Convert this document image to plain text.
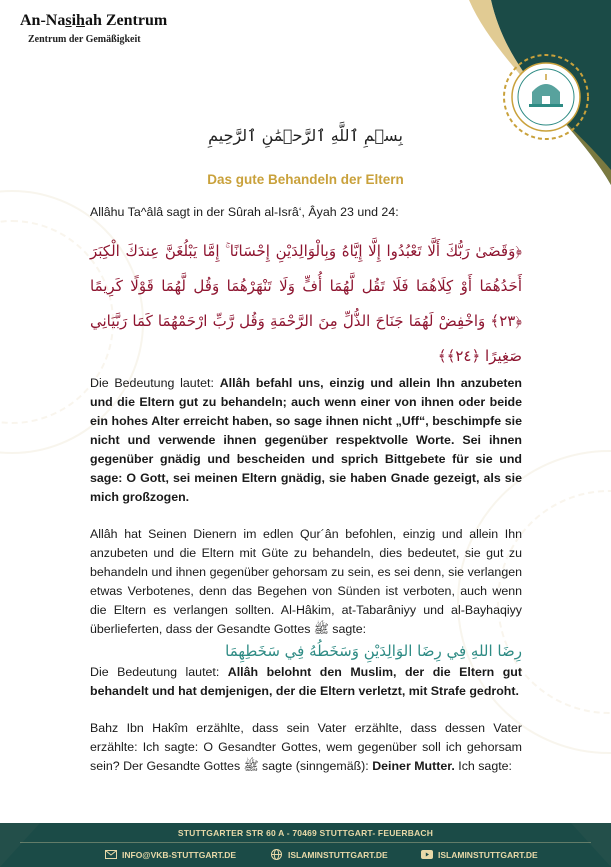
An-Nasihah Zentrum
Zentrum der Gemäßigkeit
بِسۡمِ ٱللَّهِ ٱلرَّحۡمَٰنِ ٱلرَّحِيمِ
Das gute Behandeln der Eltern

Allâhu Ta^âlâ sagt in der Sûrah al-Isrâ‘, Âyah 23 und 24:

﴿وَقَضَىٰ رَبُّكَ أَلَّا تَعْبُدُوا إِلَّا إِيَّاهُ وَبِالْوَالِدَيْنِ إِحْسَانًا ۚ إِمَّا يَبْلُغَنَّ عِندَكَ الْكِبَرَ أَحَدُهُمَا أَوْ كِلَاهُمَا فَلَا تَقُل لَّهُمَا أُفٍّ وَلَا تَنْهَرْهُمَا وَقُل لَّهُمَا قَوْلًا كَرِيمًا ﴿٢٣﴾ وَاخْفِضْ لَهُمَا جَنَاحَ الذُّلِّ مِنَ الرَّحْمَةِ وَقُل رَّبِّ ارْحَمْهُمَا كَمَا رَبَّيَانِي صَغِيرًا ﴿٢٤﴾﴾

Die Bedeutung lautet: Allâh befahl uns, einzig und allein Ihn anzubeten und die Eltern gut zu behandeln; auch wenn einer von ihnen oder beide ein hohes Alter erreicht haben, so sage ihnen nicht „Uff“, beschimpfe sie nicht und verwende ihnen gegenüber respektvolle Worte. Sei ihnen gegenüber gnädig und bescheiden und sprich Bittgebete für sie und sage: O Gott, sei meinen Eltern gnädig, sie haben Gnade gezeigt, als sie mich großzogen.

Allâh hat Seinen Dienern im edlen Qur´ân befohlen, einzig und allein Ihn anzubeten und die Eltern mit Güte zu behandeln, dies bedeutet, sie gut zu behandeln und ihnen gegenüber gehorsam zu sein, es sei denn, sie verlangen etwas Verbotenes, denn das Begehen von Sünden ist verboten, auch wenn die Eltern es verlangen sollten. Al-Hâkim, at-Tabarâniyy und al-Bayhaqiyy überlieferten, dass der Gesandte Gottes ﷺ sagte:

رِضَا اللهِ فِي رِضَا الوَالِدَيْنِ وَسَخَطُهُ فِي سَخَطِهِمَا

Die Bedeutung lautet: Allâh belohnt den Muslim, der die Eltern gut behandelt und hat demjenigen, der die Eltern verletzt, mit Strafe gedroht.

Bahz Ibn Hakîm erzählte, dass sein Vater erzählte, dass dessen Vater erzählte: Ich sagte: O Gesandter Gottes, wem gegenüber soll ich gehorsam sein? Der Gesandte Gottes ﷺ sagte (sinngemäß): Deiner Mutter. Ich sagte:

STUTTGARTER STR 60 A - 70469 STUTTGART- FEUERBACH
INFO@VKB-STUTTGART.DE	ISLAMINSTUTTGART.DE	ISLAMINSTUTTGART.DE
